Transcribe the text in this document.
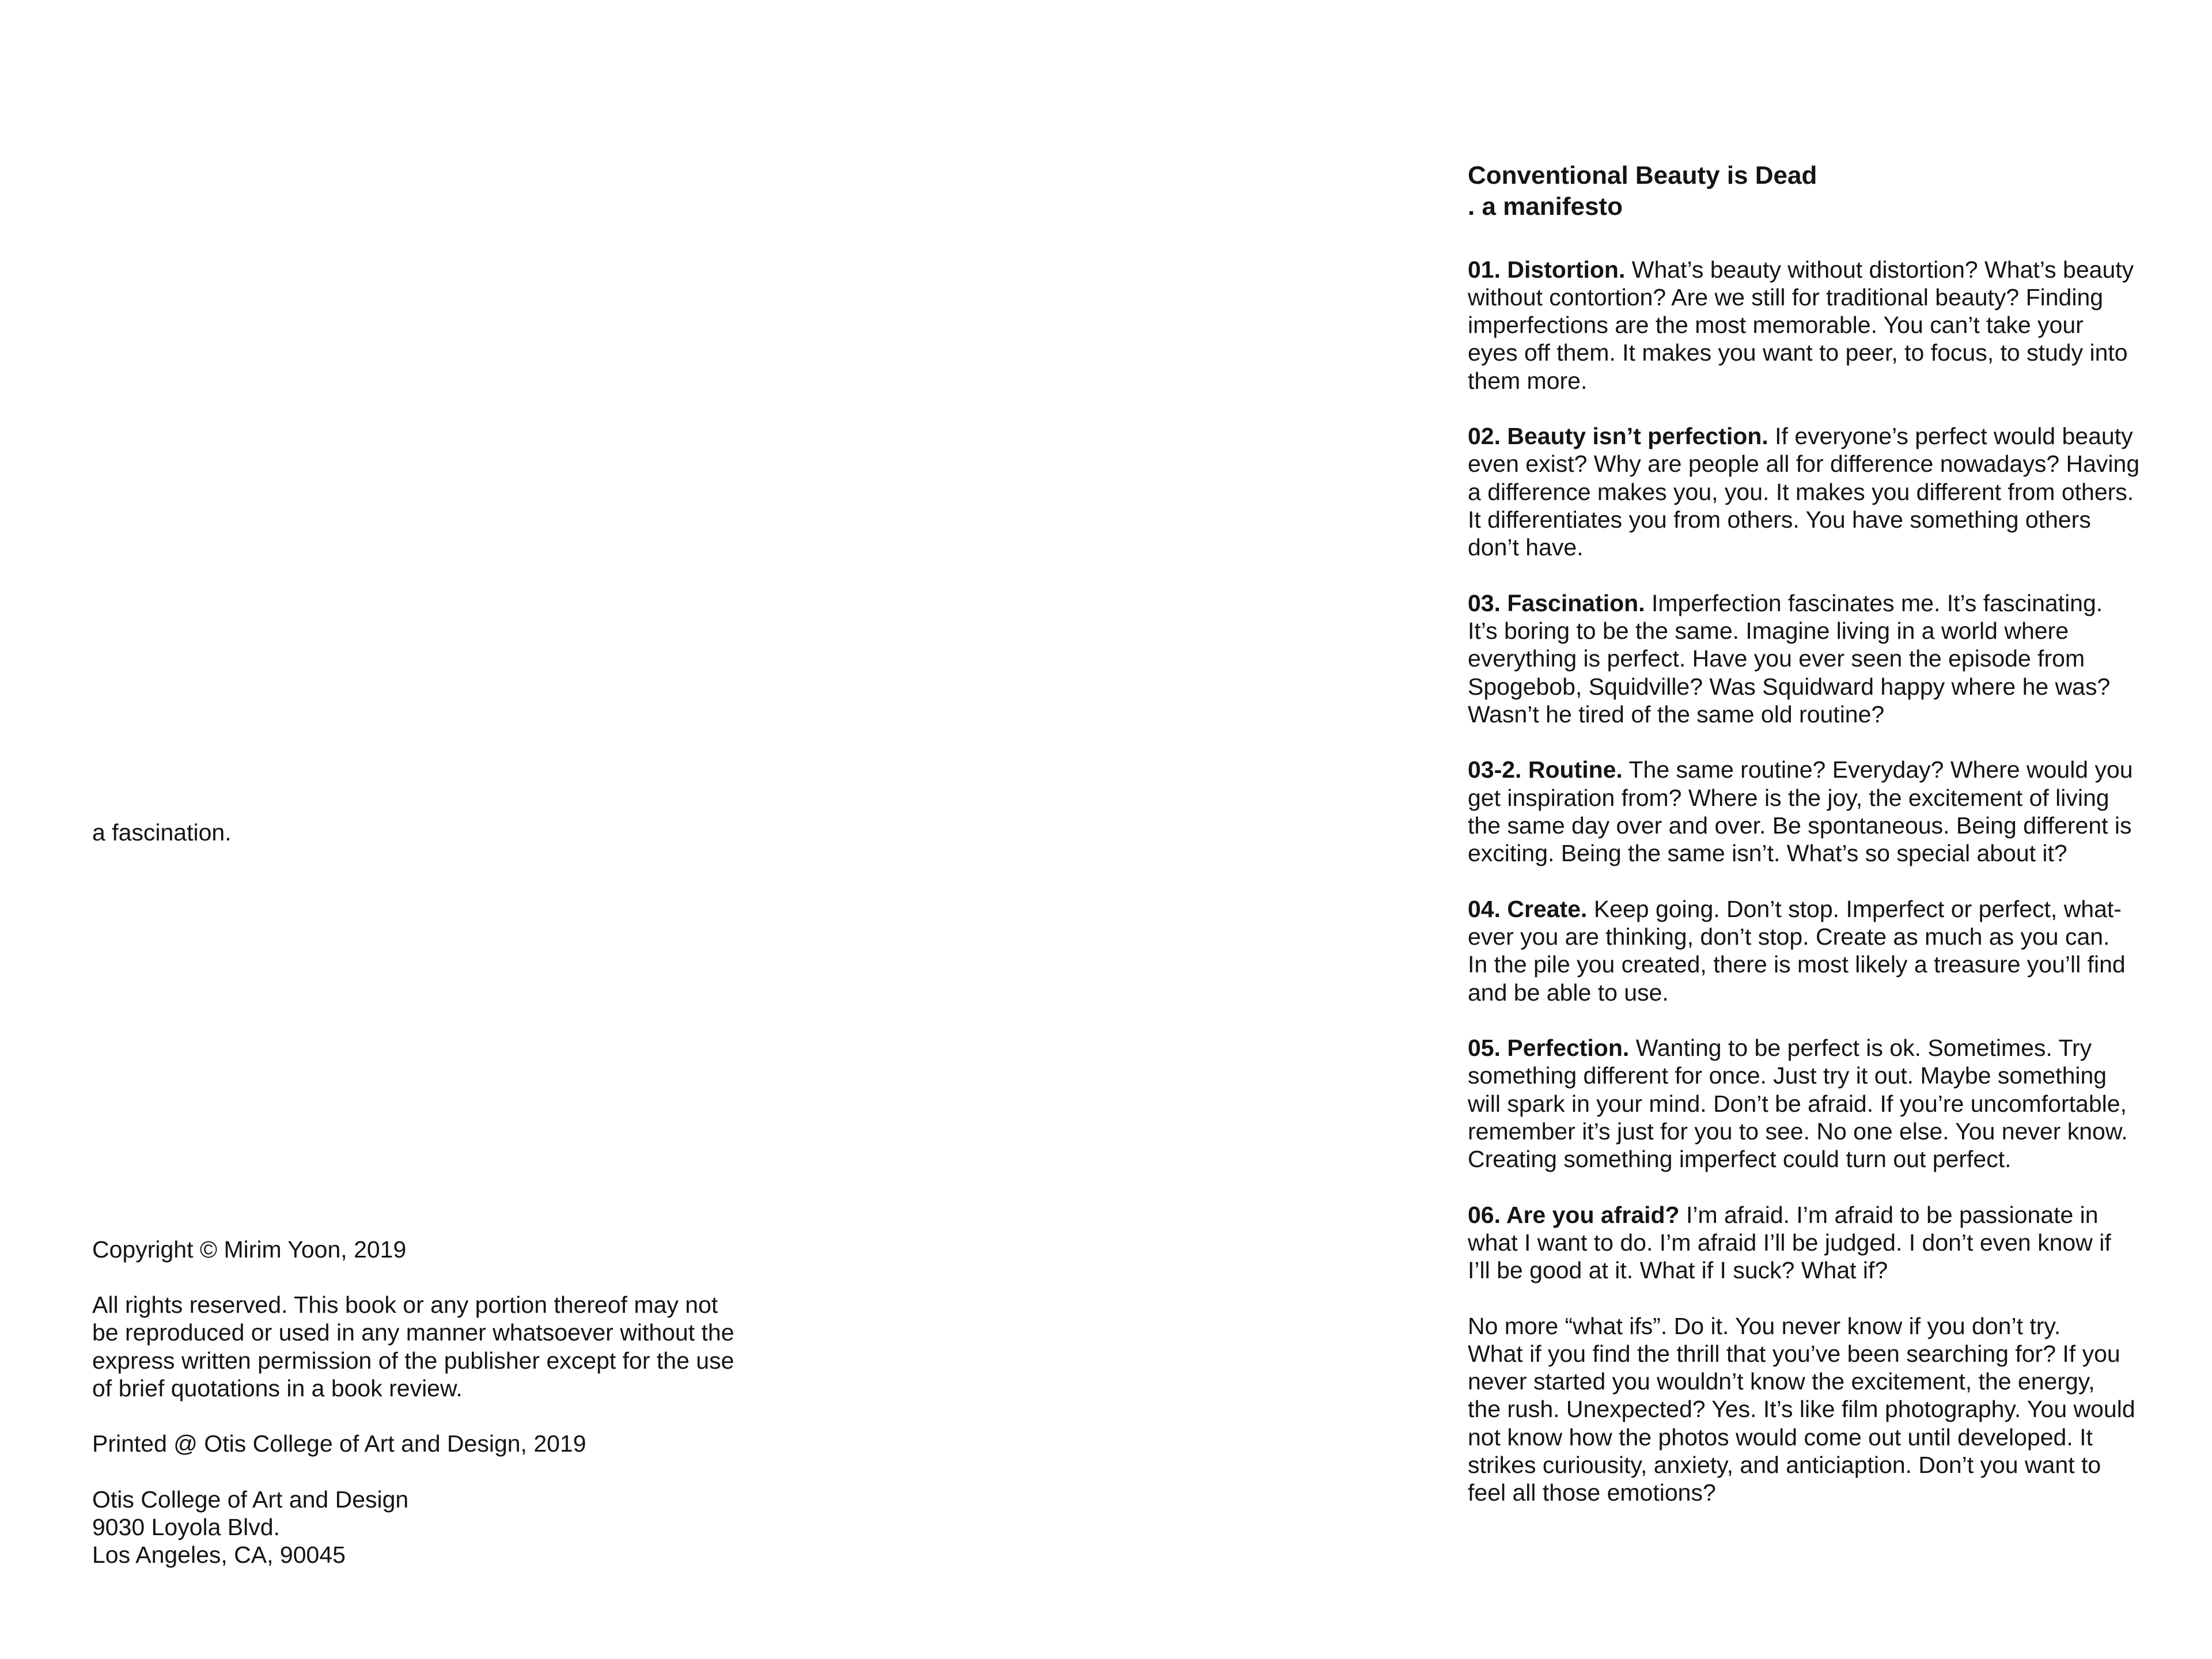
a fascination.
Copyright © Mirim Yoon, 2019
All rights reserved. This book or any portion thereof may not
be reproduced or used in any manner whatsoever without the
express written permission of the publisher except for the use
of brief quotations in a book review.
Printed @ Otis College of Art and Design, 2019
Otis College of Art and Design
9030 Loyola Blvd.
Los Angeles, CA, 90045
Conventional Beauty is Dead
. a manifesto
01. Distortion. What’s beauty without distortion? What’s beauty
without contortion? Are we still for traditional beauty? Finding
imperfections are the most memorable. You can’t take your
eyes off them. It makes you want to peer, to focus, to study into
them more.
02. Beauty isn’t perfection. If everyone’s perfect would beauty
even exist? Why are people all for difference nowadays? Having
a difference makes you, you. It makes you different from others.
It differentiates you from others. You have something others
don’t have.
03. Fascination. Imperfection fascinates me. It’s fascinating.
It’s boring to be the same. Imagine living in a world where
everything is perfect. Have you ever seen the episode from
Spogebob, Squidville? Was Squidward happy where he was?
Wasn’t he tired of the same old routine?
03-2. Routine. The same routine? Everyday? Where would you
get inspiration from? Where is the joy, the excitement of living
the same day over and over. Be spontaneous. Being different is
exciting. Being the same isn’t. What’s so special about it?
04. Create. Keep going. Don’t stop. Imperfect or perfect, what-
ever you are thinking, don’t stop. Create as much as you can.
In the pile you created, there is most likely a treasure you’ll find
and be able to use.
05. Perfection. Wanting to be perfect is ok. Sometimes. Try
something different for once. Just try it out. Maybe something
will spark in your mind. Don’t be afraid. If you’re uncomfortable,
remember it’s just for you to see. No one else. You never know.
Creating something imperfect could turn out perfect.
06. Are you afraid? I’m afraid. I’m afraid to be passionate in
what I want to do. I’m afraid I’ll be judged. I don’t even know if
I’ll be good at it. What if I suck? What if?
No more “what ifs”. Do it. You never know if you don’t try.
What if you find the thrill that you’ve been searching for? If you
never started you wouldn’t know the excitement, the energy,
the rush. Unexpected? Yes. It’s like film photography. You would
not know how the photos would come out until developed. It
strikes curiousity, anxiety, and anticiaption. Don’t you want to
feel all those emotions?
